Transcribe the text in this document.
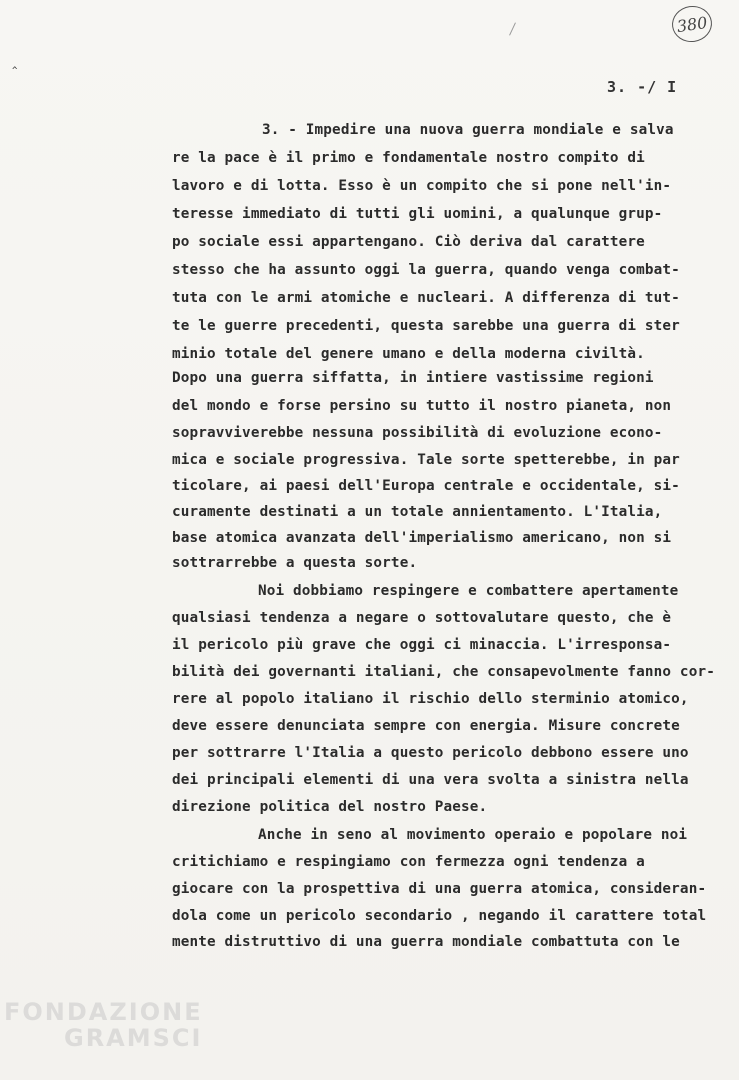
^
380
3. -/ I
3. - Impedire una nuova guerra mondiale e salva
re la pace è il primo e fondamentale nostro compito di
lavoro e di lotta. Esso è un compito che si pone nell'in-
teresse immediato di tutti gli uomini, a qualunque grup-
po sociale essi appartengano. Ciò deriva dal carattere
stesso che ha assunto oggi la guerra, quando venga combat-
tuta con le armi atomiche e nucleari. A differenza di tut-
te le guerre precedenti, questa sarebbe una guerra di ster
minio totale del genere umano e della moderna civiltà.
Dopo una guerra siffatta, in intiere vastissime regioni
del mondo e forse persino su tutto il nostro pianeta, non
sopravviverebbe nessuna possibilità di evoluzione econo-
mica e sociale progressiva. Tale sorte spetterebbe, in par
ticolare, ai paesi dell'Europa centrale e occidentale, si-
curamente destinati a un totale annientamento. L'Italia,
base atomica avanzata dell'imperialismo americano, non si
sottrarrebbe a questa sorte.
Noi dobbiamo respingere e combattere apertamente
qualsiasi tendenza a negare o sottovalutare questo, che è
il pericolo più grave che oggi ci minaccia. L'irresponsa-
bilità dei governanti italiani, che consapevolmente fanno cor-
rere al popolo italiano il rischio dello sterminio atomico,
deve essere denunciata sempre con energia. Misure concrete
per sottrarre l'Italia a questo pericolo debbono essere uno
dei principali elementi di una vera svolta a sinistra nella
direzione politica del nostro Paese.
Anche in seno al movimento operaio e popolare noi
critichiamo e respingiamo con fermezza ogni tendenza a
giocare con la prospettiva di una guerra atomica, consideran-
dola come un pericolo secondario , negando il carattere total
mente distruttivo di una guerra mondiale combattuta con le
FONDAZIONE
GRAMSCI
